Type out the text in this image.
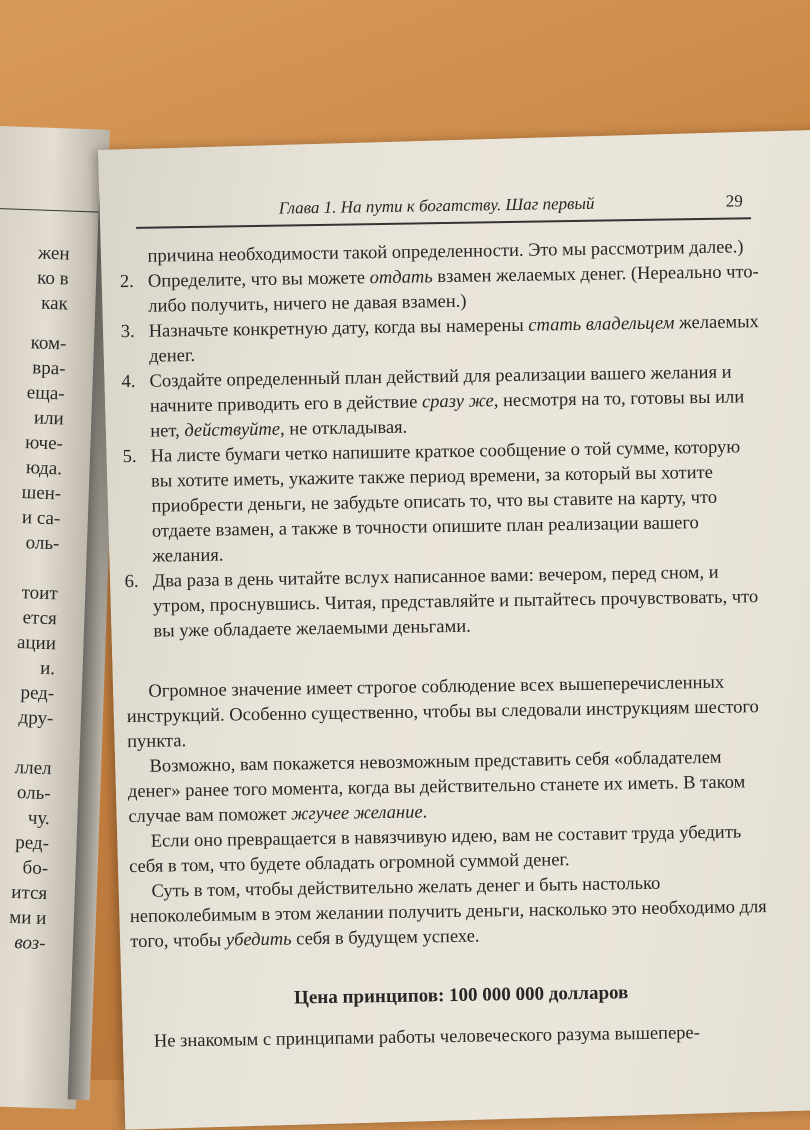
жен
ко в
как
ком-
вра-
еща-
или
юче-
юда.
шен-
и са-
оль-
тоит
ется
ации
и.
ред-
дру-
ллел
оль-
чу.
ред-
бо-
ится
ми и
воз-
Глава 1. На пути к богатству. Шаг первый	29
причина необходимости такой определенности. Это мы рассмотрим далее.)
2. Определите, что вы можете отдать взамен желаемых денег. (Нереально что-либо получить, ничего не давая взамен.)
3. Назначьте конкретную дату, когда вы намерены стать владельцем желаемых денег.
4. Создайте определенный план действий для реализации вашего желания и начните приводить его в действие сразу же, несмотря на то, готовы вы или нет, действуйте, не откладывая.
5. На листе бумаги четко напишите краткое сообщение о той сумме, которую вы хотите иметь, укажите также период времени, за который вы хотите приобрести деньги, не забудьте описать то, что вы ставите на карту, что отдаете взамен, а также в точности опишите план реализации вашего желания.
6. Два раза в день читайте вслух написанное вами: вечером, перед сном, и утром, проснувшись. Читая, представляйте и пытайтесь прочувствовать, что вы уже обладаете желаемыми деньгами.

Огромное значение имеет строгое соблюдение всех вышеперечисленных инструкций. Особенно существенно, чтобы вы следовали инструкциям шестого пункта.

Возможно, вам покажется невозможным представить себя «обладателем денег» ранее того момента, когда вы действительно станете их иметь. В таком случае вам поможет жгучее желание.

Если оно превращается в навязчивую идею, вам не составит труда убедить себя в том, что будете обладать огромной суммой денег.

Суть в том, чтобы действительно желать денег и быть настолько непоколебимым в этом желании получить деньги, насколько это необходимо для того, чтобы убедить себя в будущем успехе.

Цена принципов: 100 000 000 долларов
Не знакомым с принципами работы человеческого разума вышепере-
